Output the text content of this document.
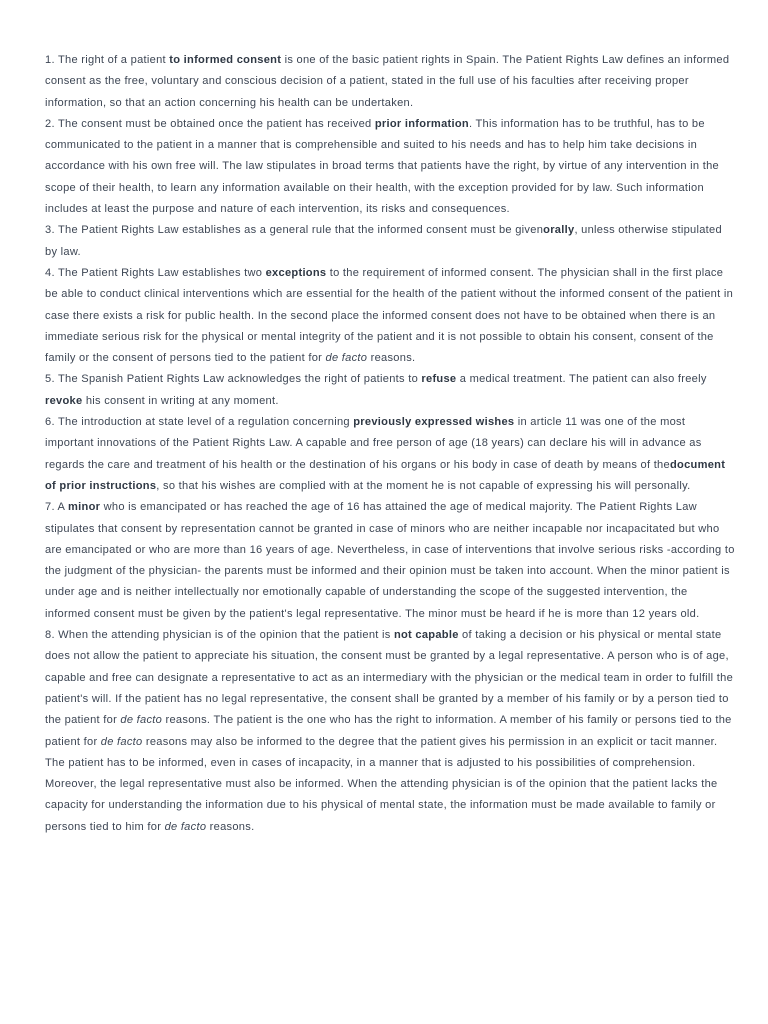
1. The right of a patient to informed consent is one of the basic patient rights in Spain. The Patient Rights Law defines an informed consent as the free, voluntary and conscious decision of a patient, stated in the full use of his faculties after receiving proper information, so that an action concerning his health can be undertaken.

2. The consent must be obtained once the patient has received prior information. This information has to be truthful, has to be communicated to the patient in a manner that is comprehensible and suited to his needs and has to help him take decisions in accordance with his own free will. The law stipulates in broad terms that patients have the right, by virtue of any intervention in the scope of their health, to learn any information available on their health, with the exception provided for by law. Such information includes at least the purpose and nature of each intervention, its risks and consequences.

3. The Patient Rights Law establishes as a general rule that the informed consent must be givenorally, unless otherwise stipulated by law.

4. The Patient Rights Law establishes two exceptions to the requirement of informed consent. The physician shall in the first place be able to conduct clinical interventions which are essential for the health of the patient without the informed consent of the patient in case there exists a risk for public health. In the second place the informed consent does not have to be obtained when there is an immediate serious risk for the physical or mental integrity of the patient and it is not possible to obtain his consent, consent of the family or the consent of persons tied to the patient for de facto reasons.

5. The Spanish Patient Rights Law acknowledges the right of patients to refuse a medical treatment. The patient can also freely revoke his consent in writing at any moment.

6. The introduction at state level of a regulation concerning previously expressed wishes in article 11 was one of the most important innovations of the Patient Rights Law. A capable and free person of age (18 years) can declare his will in advance as regards the care and treatment of his health or the destination of his organs or his body in case of death by means of thedocument of prior instructions, so that his wishes are complied with at the moment he is not capable of expressing his will personally.

7. A minor who is emancipated or has reached the age of 16 has attained the age of medical majority. The Patient Rights Law stipulates that consent by representation cannot be granted in case of minors who are neither incapable nor incapacitated but who are emancipated or who are more than 16 years of age. Nevertheless, in case of interventions that involve serious risks -according to the judgment of the physician- the parents must be informed and their opinion must be taken into account. When the minor patient is under age and is neither intellectually nor emotionally capable of understanding the scope of the suggested intervention, the informed consent must be given by the patient's legal representative. The minor must be heard if he is more than 12 years old.

8. When the attending physician is of the opinion that the patient is not capable of taking a decision or his physical or mental state does not allow the patient to appreciate his situation, the consent must be granted by a legal representative. A person who is of age, capable and free can designate a representative to act as an intermediary with the physician or the medical team in order to fulfill the patient's will. If the patient has no legal representative, the consent shall be granted by a member of his family or by a person tied to the patient for de facto reasons. The patient is the one who has the right to information. A member of his family or persons tied to the patient for de facto reasons may also be informed to the degree that the patient gives his permission in an explicit or tacit manner. The patient has to be informed, even in cases of incapacity, in a manner that is adjusted to his possibilities of comprehension. Moreover, the legal representative must also be informed. When the attending physician is of the opinion that the patient lacks the capacity for understanding the information due to his physical of mental state, the information must be made available to family or persons tied to him for de facto reasons.
